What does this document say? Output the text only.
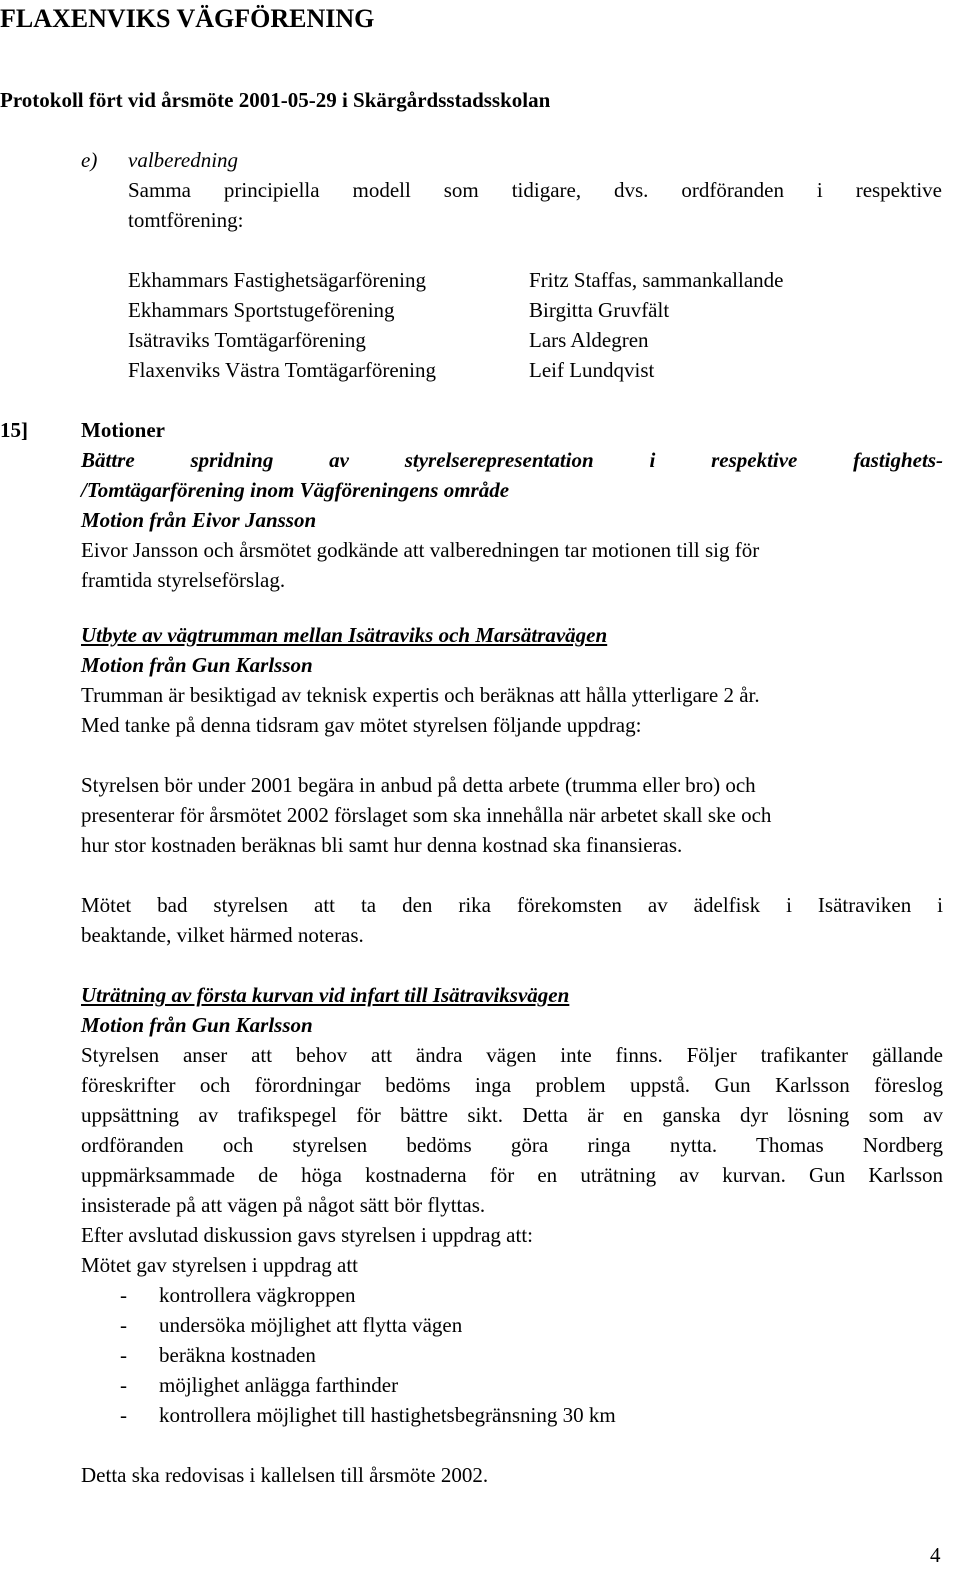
FLAXENVIKS VÄGFÖRENING
Protokoll fört vid årsmöte 2001-05-29 i Skärgårdsstadsskolan
e) valberedning
Samma principiella modell som tidigare, dvs. ordföranden i respektive
tomtförening:
Ekhammars Fastighetsägarförening	Fritz Staffas, sammankallande
Ekhammars Sportstugeförening	Birgitta Gruvfält
Isätraviks Tomtägarförening	Lars Aldegren
Flaxenviks Västra Tomtägarförening	Leif Lundqvist
15]	Motioner
Bättre spridning av styrelserepresentation i respektive fastighets-
/Tomtägarförening inom Vägföreningens område
Motion från Eivor Jansson
Eivor Jansson och årsmötet godkände att valberedningen tar motionen till sig för
framtida styrelseförslag.
Utbyte av vägtrumman mellan Isätraviks och Marsätravägen
Motion från Gun Karlsson
Trumman är besiktigad av teknisk expertis och beräknas att hålla ytterligare 2 år.
Med tanke på denna tidsram gav mötet styrelsen följande uppdrag:
Styrelsen bör under 2001 begära in anbud på detta arbete (trumma eller bro) och
presenterar för årsmötet 2002 förslaget som ska innehålla när arbetet skall ske och
hur stor kostnaden beräknas bli samt hur denna kostnad ska finansieras.
Mötet bad styrelsen att ta den rika förekomsten av ädelfisk i Isätraviken i
beaktande, vilket härmed noteras.
Uträtning av första kurvan vid infart till Isätraviksvägen
Motion från Gun Karlsson
Styrelsen anser att behov att ändra vägen inte finns. Följer trafikanter gällande
föreskrifter och förordningar bedöms inga problem uppstå. Gun Karlsson föreslog
uppsättning av trafikspegel för bättre sikt. Detta är en ganska dyr lösning som av
ordföranden och styrelsen bedöms göra ringa nytta. Thomas Nordberg
uppmärksammade de höga kostnaderna för en uträtning av kurvan. Gun Karlsson
insisterade på att vägen på något sätt bör flyttas.
Efter avslutad diskussion gavs styrelsen i uppdrag att:
Mötet gav styrelsen i uppdrag att
- kontrollera vägkroppen
- undersöka möjlighet att flytta vägen
- beräkna kostnaden
- möjlighet anlägga farthinder
- kontrollera möjlighet till hastighetsbegränsning 30 km
Detta ska redovisas i kallelsen till årsmöte 2002.
4
